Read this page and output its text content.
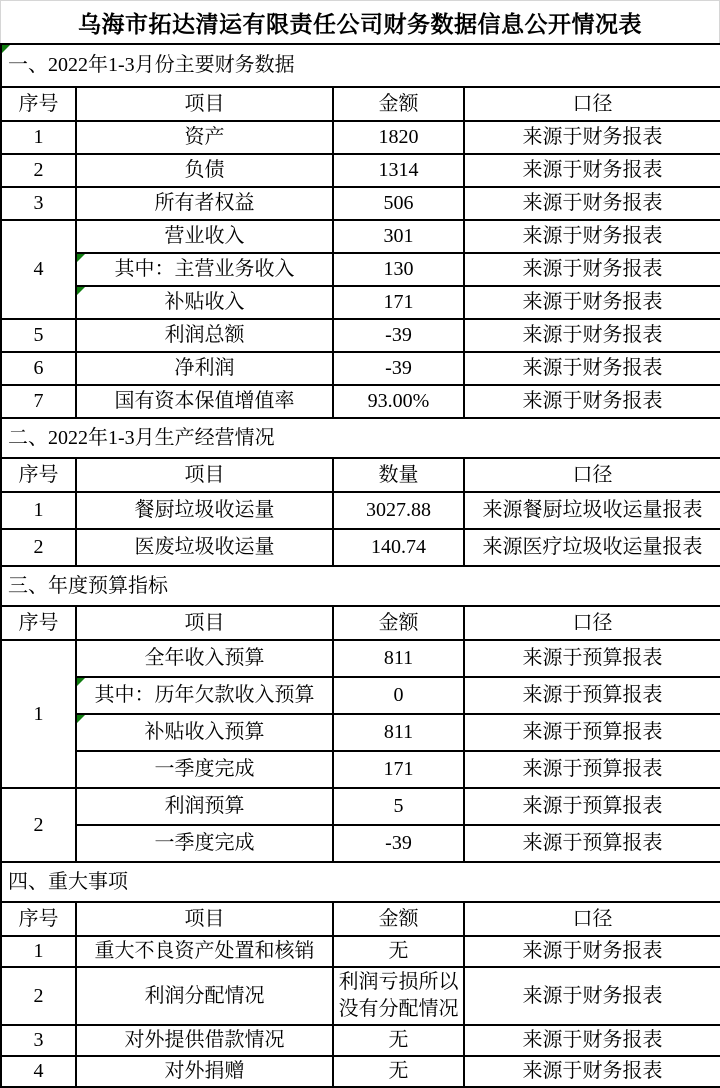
乌海市拓达清运有限责任公司财务数据信息公开情况表
一、2022年1-3月份主要财务数据			

序号	项目	金额	口径
1	资产	1820	来源于财务报表
2	负债	1314	来源于财务报表
3	所有者权益	506	来源于财务报表
4	营业收入	301	来源于财务报表
	其中：主营业务收入	130	来源于财务报表
	补贴收入	171	来源于财务报表
5	利润总额	-39	来源于财务报表
6	净利润	-39	来源于财务报表
7	国有资本保值增值率	93.00%	来源于财务报表
二、2022年1-3月生产经营情况			
序号	项目	数量	口径
1	餐厨垃圾收运量	3027.88	来源餐厨垃圾收运量报表
2	医废垃圾收运量	140.74	来源医疗垃圾收运量报表
三、年度预算指标			
序号	项目	金额	口径
1	全年收入预算	811	来源于预算报表
	其中：历年欠款收入预算	0	来源于预算报表
	补贴收入预算	811	来源于预算报表
	一季度完成	171	来源于预算报表
2	利润预算	5	来源于预算报表
	一季度完成	-39	来源于预算报表
四、重大事项			
序号	项目	金额	口径
1	重大不良资产处置和核销	无	来源于财务报表
2	利润分配情况	利润亏损所以没有分配情况	来源于财务报表
3	对外提供借款情况	无	来源于财务报表
4	对外捐赠	无	来源于财务报表
